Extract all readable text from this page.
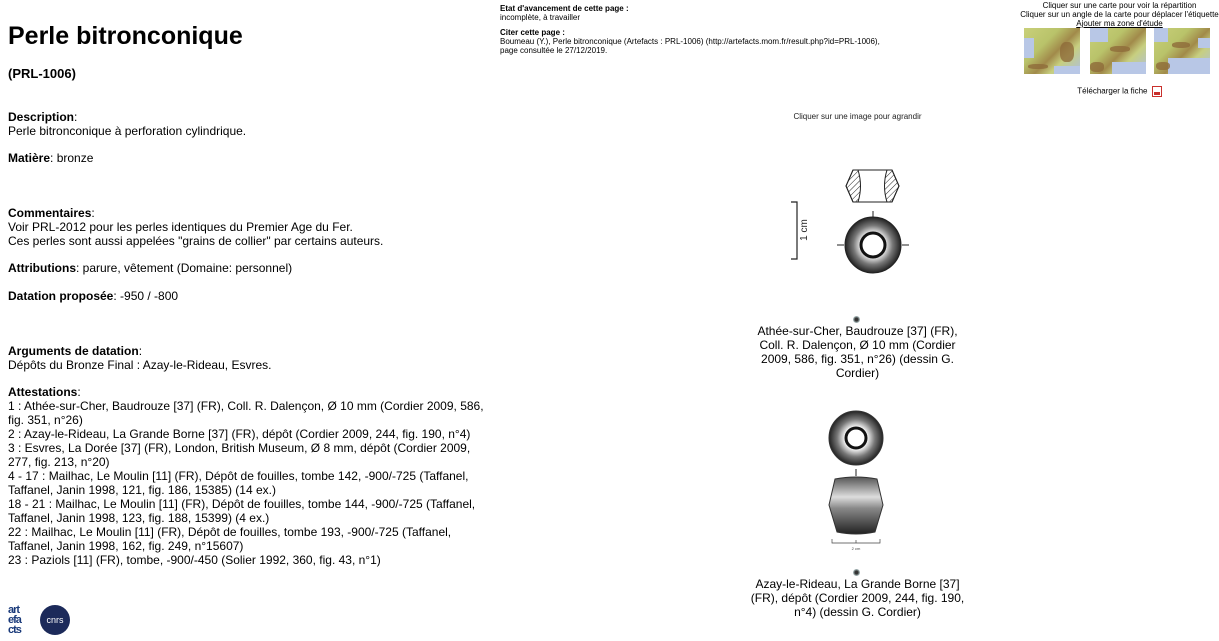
Perle bitronconique
(PRL-1006)
Etat d'avancement de cette page :
incomplète, à travailler
Citer cette page :
Boumeau (Y.), Perle bitronconique (Artefacts : PRL-1006) (http://artefacts.mom.fr/result.php?id=PRL-1006),
page consultée le 27/12/2019.
Cliquer sur une carte pour voir la répartition
Cliquer sur un angle de la carte pour déplacer l'étiquette
Ajouter ma zone d'étude
Télécharger la fiche
Description:
Perle bitronconique à perforation cylindrique.
Matière: bronze
Commentaires:
Voir PRL-2012 pour les perles identiques du Premier Age du Fer.
Ces perles sont aussi appelées "grains de collier" par certains auteurs.
Attributions: parure, vêtement (Domaine: personnel)
Datation proposée: -950 / -800
Arguments de datation:
Dépôts du Bronze Final : Azay-le-Rideau, Esvres.
Attestations:
1 : Athée-sur-Cher, Baudrouze [37] (FR), Coll. R. Dalençon, Ø 10 mm (Cordier 2009, 586,
fig. 351, n°26)
2 : Azay-le-Rideau, La Grande Borne [37] (FR), dépôt (Cordier 2009, 244, fig. 190, n°4)
3 : Esvres, La Dorée [37] (FR), London, British Museum, Ø 8 mm, dépôt (Cordier 2009,
277, fig. 213, n°20)
4 - 17 : Mailhac, Le Moulin [11] (FR), Dépôt de fouilles, tombe 142, -900/-725 (Taffanel,
Taffanel, Janin 1998, 121, fig. 186, 15385) (14 ex.)
18 - 21 : Mailhac, Le Moulin [11] (FR), Dépôt de fouilles, tombe 144, -900/-725 (Taffanel,
Taffanel, Janin 1998, 123, fig. 188, 15399) (4 ex.)
22 : Mailhac, Le Moulin [11] (FR), Dépôt de fouilles, tombe 193, -900/-725 (Taffanel,
Taffanel, Janin 1998, 162, fig. 249, n°15607)
23 : Paziols [11] (FR), tombe, -900/-450 (Solier 1992, 360, fig. 43, n°1)
Cliquer sur une image pour agrandir
1 cm
Athée-sur-Cher, Baudrouze [37] (FR),
Coll. R. Dalençon, Ø 10 mm (Cordier
2009, 586, fig. 351, n°26) (dessin G.
Cordier)
2 cm
Azay-le-Rideau, La Grande Borne [37]
(FR), dépôt (Cordier 2009, 244, fig. 190,
n°4) (dessin G. Cordier)
art
efa
cts
cnrs
